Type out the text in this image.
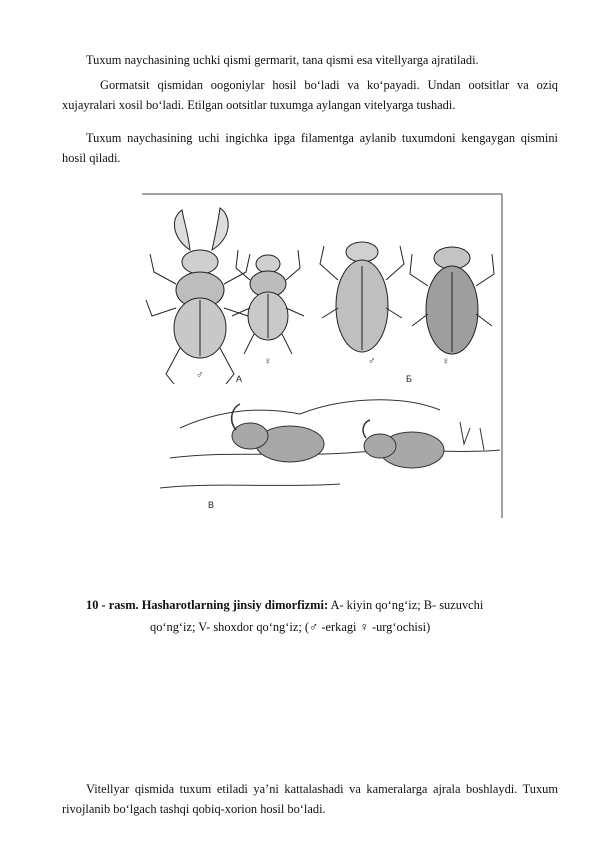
Tuxum naychasining uchki qismi germarit, tana qismi esa vitellyarga ajratiladi.

Gormatsit qismidan oogoniylar hosil bo‘ladi va ko‘payadi. Undan ootsitlar va oziq xujayralari xosil bo‘ladi. Etilgan ootsitlar tuxumga aylangan vitelyarga tushadi.

Tuxum naychasining uchi ingichka ipga filamentga aylanib tuxumdoni kengaygan qismini hosil qiladi.

♂
♀
A
♂	♀
Б
В

10 - rasm. Hasharotlarning jinsiy dimorfizmi: A- kiyin qo‘ng‘iz; B- suzuvchi
qo‘ng‘iz; V- shoxdor qo‘ng‘iz; (♂ -erkagi ♀ -urg‘ochisi)

Vitellyar qismida tuxum etiladi ya’ni kattalashadi va kameralarga ajrala boshlaydi. Tuxum rivojlanib bo‘lgach tashqi qobiq-xorion hosil bo‘ladi.
